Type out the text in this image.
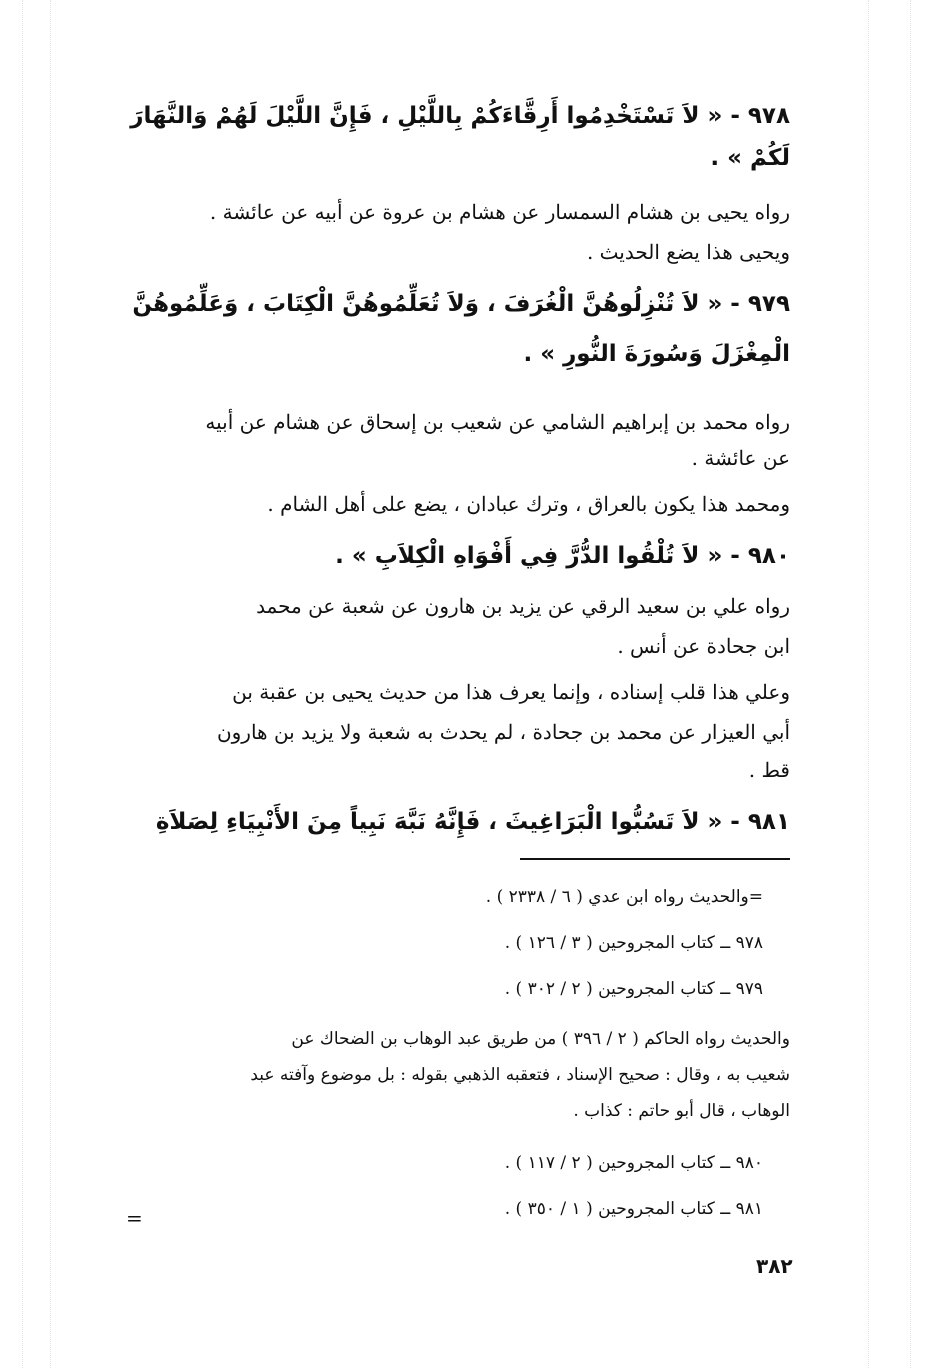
٩٧٨ - « لاَ تَسْتَخْدِمُوا أَرِقَّاءَكُمْ بِاللَّيْلِ ، فَإِنَّ اللَّيْلَ لَهُمْ وَالنَّهَارَ
لَكُمْ » .
رواه يحيى بن هشام السمسار عن هشام بن عروة عن أبيه عن عائشة .
ويحيى هذا يضع الحديث .
٩٧٩ - « لاَ تُنْزِلُوهُنَّ الْغُرَفَ ، وَلاَ تُعَلِّمُوهُنَّ الْكِتَابَ ، وَعَلِّمُوهُنَّ
الْمِغْزَلَ وَسُورَةَ النُّورِ » .
رواه محمد بن إبراهيم الشامي عن شعيب بن إسحاق عن هشام عن أبيه
عن عائشة .
ومحمد هذا يكون بالعراق ، وترك عبادان ، يضع على أهل الشام .
٩٨٠ - « لاَ تُلْقُوا الدُّرَّ فِي أَفْوَاهِ الْكِلاَبِ » .
رواه علي بن سعيد الرقي عن يزيد بن هارون عن شعبة عن محمد
ابن جحادة عن أنس .
وعلي هذا قلب إسناده ، وإنما يعرف هذا من حديث يحيى بن عقبة بن
أبي العيزار عن محمد بن جحادة ، لم يحدث به شعبة ولا يزيد بن هارون
قط .
٩٨١ - « لاَ تَسُبُّوا الْبَرَاغِيثَ ، فَإِنَّهُ نَبَّهَ نَبِياً مِنَ الأَنْبِيَاءِ لِصَلاَةِ
=والحديث رواه ابن عدي ( ٦ / ٢٣٣٨ ) .
٩٧٨ ــ كتاب المجروحين ( ٣ / ١٢٦ ) .
٩٧٩ ــ كتاب المجروحين ( ٢ / ٣٠٢ ) .
والحديث رواه الحاكم ( ٢ / ٣٩٦ ) من طريق عبد الوهاب بن الضحاك عن
شعيب به ، وقال : صحيح الإسناد ، فتعقبه الذهبي بقوله : بل موضوع وآفته عبد
الوهاب ، قال أبو حاتم : كذاب .
٩٨٠ ــ كتاب المجروحين ( ٢ / ١١٧ ) .
٩٨١ ــ كتاب المجروحين ( ١ / ٣٥٠ ) .
=
٣٨٢
